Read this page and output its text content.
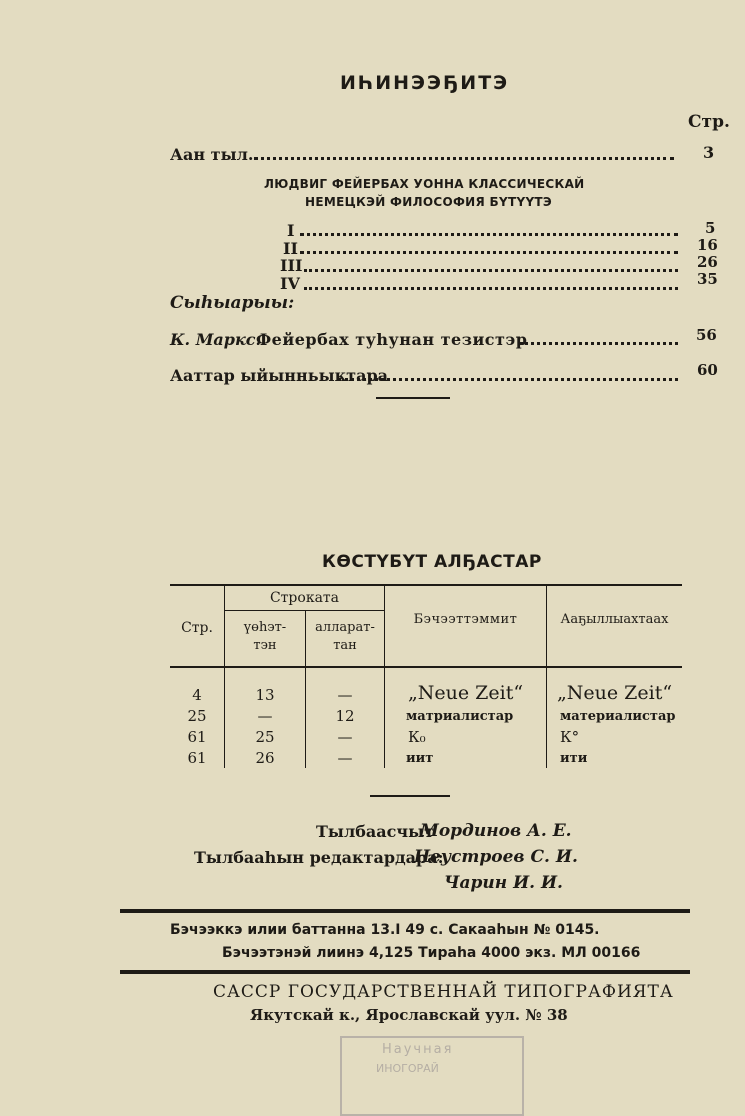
ИҺИНЭЭҔИТЭ
Стр.
Аан тыл.	3
ЛЮДВИГ ФЕЙЕРБАХ УОННА КЛАССИЧЕСКАЙ
НЕМЕЦКЭЙ ФИЛОСОФИЯ БҮТҮҮТЭ
I	5
II	16
III	26
IV	35
Сыһыарыы:
К. Маркс.
Фейербах туһунан тезистэр	56
Ааттар ыйынньыктара	60
КӨСТҮБҮТ АЛҔАСТАР
Стр.
Строката
үөһэт-
тэн
алларат-
тан
Бэчээттэммит	Ааҕыллыахтаах
4	13	—	„Neue Zeit“	„Neue Zeit“
25	—	12	матриалистар	материалистар
61	25	—	К₀	К°
61	26	—	иит	ити
Тылбаасчыт
Мординов А. Е.
Тылбааһын редактардара:
Неустроев С. И.
Чарин И. И.
Бэчээккэ илии баттанна 13.I 49 с. Сакааһын № 0145.
Бэчээтэнэй лиинэ 4,125 Тираһа 4000 экз. МЛ 00166
САССР ГОСУДАРСТВЕННАЙ ТИПОГРАФИЯТА
Якутскай к., Ярославскай уул. № 38
Научная
ИНОГОРАЙ
